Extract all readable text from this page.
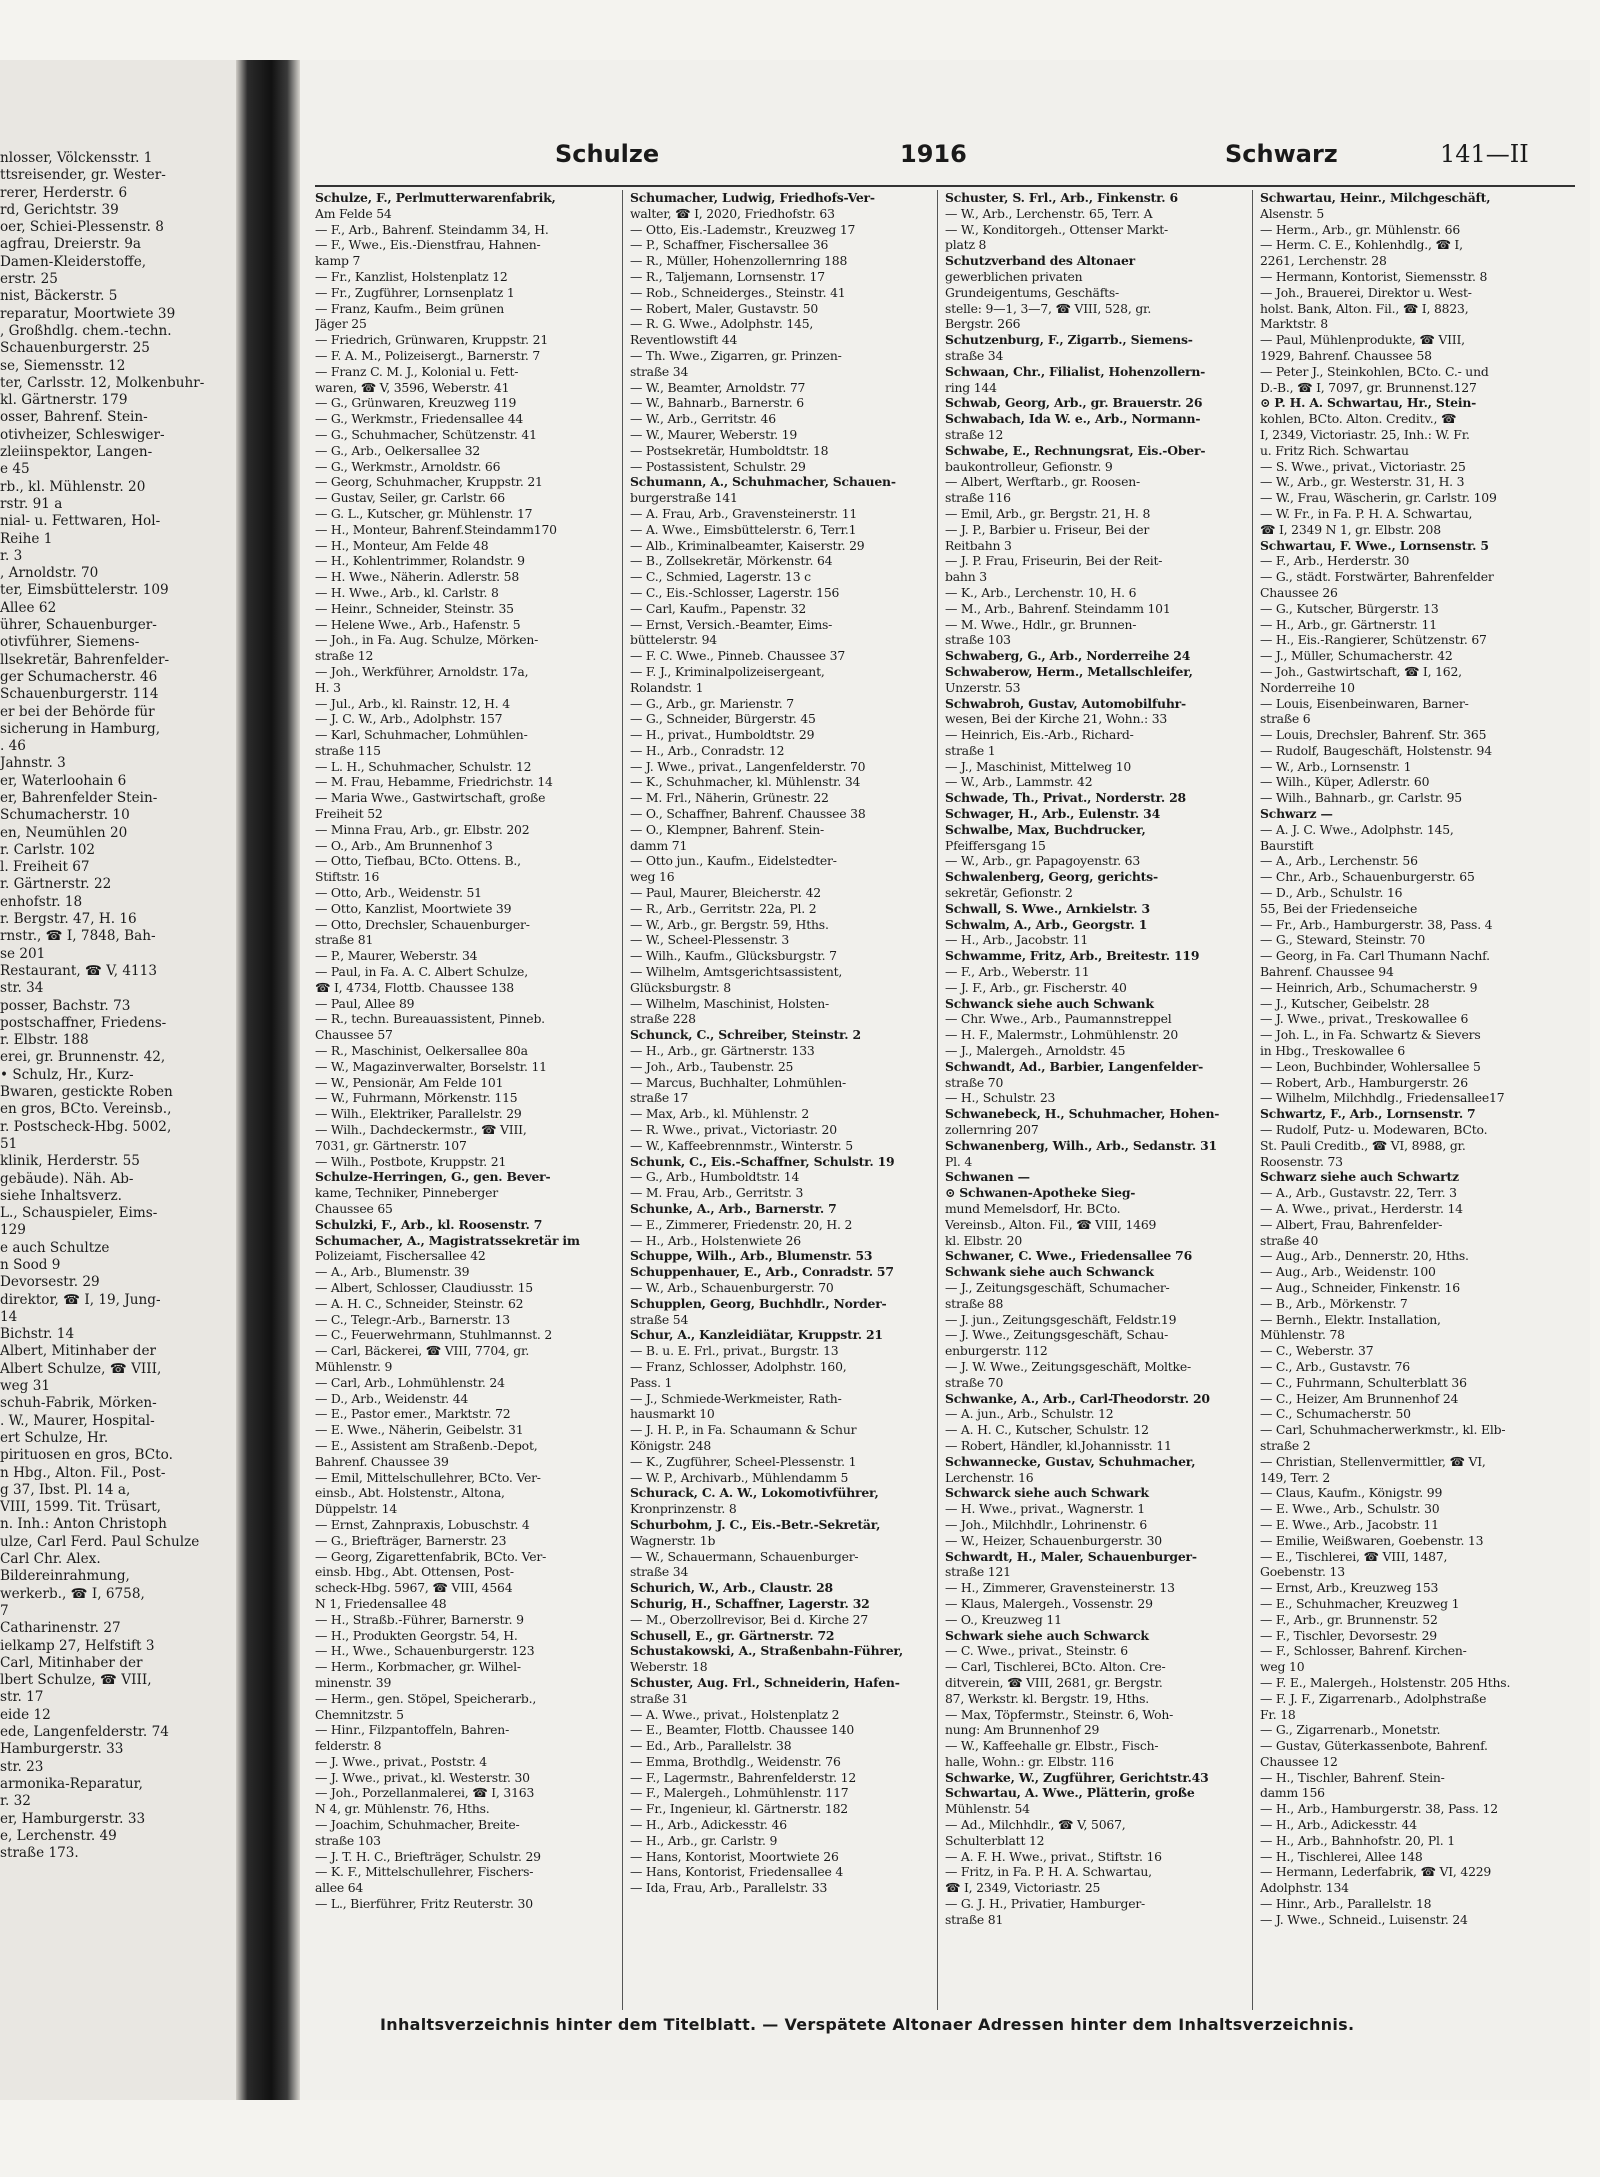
nlosser, Völckensstr. 1
ttsreisender, gr. Wester-
rerer, Herderstr. 6
rd, Gerichtstr. 39
oer, Schiei-Plessenstr. 8
agfrau, Dreierstr. 9a
Damen-Kleiderstoffe,
erstr. 25
nist, Bäckerstr. 5
reparatur, Moortwiete 39
, Großhdlg. chem.-techn.
Schauenburgerstr. 25
se, Siemensstr. 12
ter, Carlsstr. 12, Molkenbuhr-
kl. Gärtnerstr. 179
osser, Bahrenf. Stein-
otivheizer, Schleswiger-
zleiinspektor, Langen-
e 45
rb., kl. Mühlenstr. 20
rstr. 91 a
nial- u. Fettwaren, Hol-
Reihe 1
r. 3
, Arnoldstr. 70
ter, Eimsbüttelerstr. 109
Allee 62
ührer, Schauenburger-
otivführer, Siemens-
llsekretär, Bahrenfelder-
ger Schumacherstr. 46
Schauenburgerstr. 114
er bei der Behörde für
sicherung in Hamburg,
. 46
Jahnstr. 3
er, Waterloohain 6
er, Bahrenfelder Stein-
Schumacherstr. 10
en, Neumühlen 20
r. Carlstr. 102
l. Freiheit 67
r. Gärtnerstr. 22
enhofstr. 18
r. Bergstr. 47, H. 16
rnstr., ☎ I, 7848, Bah-
se 201
Restaurant, ☎ V, 4113
str. 34
posser, Bachstr. 73
postschaffner, Friedens-
r. Elbstr. 188
erei, gr. Brunnenstr. 42,
• Schulz, Hr., Kurz-
Bwaren, gestickte Roben
en gros, BCto. Vereinsb.,
r. Postscheck-Hbg. 5002,
51
klinik, Herderstr. 55
gebäude). Näh. Ab-
siehe Inhaltsverz.
L., Schauspieler, Eims-
129
e auch Schultze
n Sood 9
Devorsestr. 29
direktor, ☎ I, 19, Jung-
14
Bichstr. 14
Albert, Mitinhaber der
Albert Schulze, ☎ VIII,
weg 31
schuh-Fabrik, Mörken-
. W., Maurer, Hospital-
ert Schulze, Hr.
pirituosen en gros, BCto.
n Hbg., Alton. Fil., Post-
g 37, Ibst. Pl. 14 a,
VIII, 1599. Tit. Trüsart,
n. Inh.: Anton Christoph
ulze, Carl Ferd. Paul Schulze
Carl Chr. Alex.
Bildereinrahmung,
werkerb., ☎ I, 6758,
7
Catharinenstr. 27
ielkamp 27, Helfstift 3
Carl, Mitinhaber der
lbert Schulze, ☎ VIII,
str. 17
eide 12
ede, Langenfelderstr. 74
Hamburgerstr. 33
str. 23
armonika-Reparatur,
r. 32
er, Hamburgerstr. 33
e, Lerchenstr. 49
straße 173.
Schulze	1916	Schwarz	141—II
Schulze, F., Perlmutterwarenfabrik,
Am Felde 54
— F., Arb., Bahrenf. Steindamm 34, H.
— F., Wwe., Eis.-Dienstfrau, Hahnen-
kamp 7
— Fr., Kanzlist, Holstenplatz 12
— Fr., Zugführer, Lornsenplatz 1
— Franz, Kaufm., Beim grünen
Jäger 25
— Friedrich, Grünwaren, Kruppstr. 21
— F. A. M., Polizeisergt., Barnerstr. 7
— Franz C. M. J., Kolonial u. Fett-
waren, ☎ V, 3596, Weberstr. 41
— G., Grünwaren, Kreuzweg 119
— G., Werkmstr., Friedensallee 44
— G., Schuhmacher, Schützenstr. 41
— G., Arb., Oelkersallee 32
— G., Werkmstr., Arnoldstr. 66
— Georg, Schuhmacher, Kruppstr. 21
— Gustav, Seiler, gr. Carlstr. 66
— G. L., Kutscher, gr. Mühlenstr. 17
— H., Monteur, Bahrenf.Steindamm170
— H., Monteur, Am Felde 48
— H., Kohlentrimmer, Rolandstr. 9
— H. Wwe., Näherin. Adlerstr. 58
— H. Wwe., Arb., kl. Carlstr. 8
— Heinr., Schneider, Steinstr. 35
— Helene Wwe., Arb., Hafenstr. 5
— Joh., in Fa. Aug. Schulze, Mörken-
straße 12
— Joh., Werkführer, Arnoldstr. 17a,
H. 3
— Jul., Arb., kl. Rainstr. 12, H. 4
— J. C. W., Arb., Adolphstr. 157
— Karl, Schuhmacher, Lohmühlen-
straße 115
— L. H., Schuhmacher, Schulstr. 12
— M. Frau, Hebamme, Friedrichstr. 14
— Maria Wwe., Gastwirtschaft, große
Freiheit 52
— Minna Frau, Arb., gr. Elbstr. 202
— O., Arb., Am Brunnenhof 3
— Otto, Tiefbau, BCto. Ottens. B.,
Stiftstr. 16
— Otto, Arb., Weidenstr. 51
— Otto, Kanzlist, Moortwiete 39
— Otto, Drechsler, Schauenburger-
straße 81
— P., Maurer, Weberstr. 34
— Paul, in Fa. A. C. Albert Schulze,
☎ I, 4734, Flottb. Chaussee 138
— Paul, Allee 89
— R., techn. Bureauassistent, Pinneb.
Chaussee 57
— R., Maschinist, Oelkersallee 80a
— W., Magazinverwalter, Borselstr. 11
— W., Pensionär, Am Felde 101
— W., Fuhrmann, Mörkenstr. 115
— Wilh., Elektriker, Parallelstr. 29
— Wilh., Dachdeckermstr., ☎ VIII,
7031, gr. Gärtnerstr. 107
— Wilh., Postbote, Kruppstr. 21
Schulze-Herringen, G., gen. Bever-
kame, Techniker, Pinneberger
Chaussee 65
Schulzki, F., Arb., kl. Roosenstr. 7
Schumacher, A., Magistratssekretär im
Polizeiamt, Fischersallee 42
— A., Arb., Blumenstr. 39
— Albert, Schlosser, Claudiusstr. 15
— A. H. C., Schneider, Steinstr. 62
— C., Telegr.-Arb., Barnerstr. 13
— C., Feuerwehrmann, Stuhlmannst. 2
— Carl, Bäckerei, ☎ VIII, 7704, gr.
Mühlenstr. 9
— Carl, Arb., Lohmühlenstr. 24
— D., Arb., Weidenstr. 44
— E., Pastor emer., Marktstr. 72
— E. Wwe., Näherin, Geibelstr. 31
— E., Assistent am Straßenb.-Depot,
Bahrenf. Chaussee 39
— Emil, Mittelschullehrer, BCto. Ver-
einsb., Abt. Holstenstr., Altona,
Düppelstr. 14
— Ernst, Zahnpraxis, Lobuschstr. 4
— G., Briefträger, Barnerstr. 23
— Georg, Zigarettenfabrik, BCto. Ver-
einsb. Hbg., Abt. Ottensen, Post-
scheck-Hbg. 5967, ☎ VIII, 4564
N 1, Friedensallee 48
— H., Straßb.-Führer, Barnerstr. 9
— H., Produkten Georgstr. 54, H.
— H., Wwe., Schauenburgerstr. 123
— Herm., Korbmacher, gr. Wilhel-
minenstr. 39
— Herm., gen. Stöpel, Speicherarb.,
Chemnitzstr. 5
— Hinr., Filzpantoffeln, Bahren-
felderstr. 8
— J. Wwe., privat., Poststr. 4
— J. Wwe., privat., kl. Westerstr. 30
— Joh., Porzellanmalerei, ☎ I, 3163
N 4, gr. Mühlenstr. 76, Hths.
— Joachim, Schuhmacher, Breite-
straße 103
— J. T. H. C., Briefträger, Schulstr. 29
— K. F., Mittelschullehrer, Fischers-
allee 64
— L., Bierführer, Fritz Reuterstr. 30
Schumacher, Ludwig, Friedhofs-Ver-
walter, ☎ I, 2020, Friedhofstr. 63
— Otto, Eis.-Lademstr., Kreuzweg 17
— P., Schaffner, Fischersallee 36
— R., Müller, Hohenzollernring 188
— R., Taljemann, Lornsenstr. 17
— Rob., Schneiderges., Steinstr. 41
— Robert, Maler, Gustavstr. 50
— R. G. Wwe., Adolphstr. 145,
Reventlowstift 44
— Th. Wwe., Zigarren, gr. Prinzen-
straße 34
— W., Beamter, Arnoldstr. 77
— W., Bahnarb., Barnerstr. 6
— W., Arb., Gerritstr. 46
— W., Maurer, Weberstr. 19
— Postsekretär, Humboldtstr. 18
— Postassistent, Schulstr. 29
Schumann, A., Schuhmacher, Schauen-
burgerstraße 141
— A. Frau, Arb., Gravensteinerstr. 11
— A. Wwe., Eimsbüttelerstr. 6, Terr.1
— Alb., Kriminalbeamter, Kaiserstr. 29
— B., Zollsekretär, Mörkenstr. 64
— C., Schmied, Lagerstr. 13 c
— C., Eis.-Schlosser, Lagerstr. 156
— Carl, Kaufm., Papenstr. 32
— Ernst, Versich.-Beamter, Eims-
büttelerstr. 94
— F. C. Wwe., Pinneb. Chaussee 37
— F. J., Kriminalpolizeisergeant,
Rolandstr. 1
— G., Arb., gr. Marienstr. 7
— G., Schneider, Bürgerstr. 45
— H., privat., Humboldtstr. 29
— H., Arb., Conradstr. 12
— J. Wwe., privat., Langenfelderstr. 70
— K., Schuhmacher, kl. Mühlenstr. 34
— M. Frl., Näherin, Grünestr. 22
— O., Schaffner, Bahrenf. Chaussee 38
— O., Klempner, Bahrenf. Stein-
damm 71
— Otto jun., Kaufm., Eidelstedter-
weg 16
— Paul, Maurer, Bleicherstr. 42
— R., Arb., Gerritstr. 22a, Pl. 2
— W., Arb., gr. Bergstr. 59, Hths.
— W., Scheel-Plessenstr. 3
— Wilh., Kaufm., Glücksburgstr. 7
— Wilhelm, Amtsgerichtsassistent,
Glücksburgstr. 8
— Wilhelm, Maschinist, Holsten-
straße 228
Schunck, C., Schreiber, Steinstr. 2
— H., Arb., gr. Gärtnerstr. 133
— Joh., Arb., Taubenstr. 25
— Marcus, Buchhalter, Lohmühlen-
straße 17
— Max, Arb., kl. Mühlenstr. 2
— R. Wwe., privat., Victoriastr. 20
— W., Kaffeebrennmstr., Winterstr. 5
Schunk, C., Eis.-Schaffner, Schulstr. 19
— G., Arb., Humboldtstr. 14
— M. Frau, Arb., Gerritstr. 3
Schunke, A., Arb., Barnerstr. 7
— E., Zimmerer, Friedenstr. 20, H. 2
— H., Arb., Holstenwiete 26
Schuppe, Wilh., Arb., Blumenstr. 53
Schuppenhauer, E., Arb., Conradstr. 57
— W., Arb., Schauenburgerstr. 70
Schupplen, Georg, Buchhdlr., Norder-
straße 54
Schur, A., Kanzleidiätar, Kruppstr. 21
— B. u. E. Frl., privat., Burgstr. 13
— Franz, Schlosser, Adolphstr. 160,
Pass. 1
— J., Schmiede-Werkmeister, Rath-
hausmarkt 10
— J. H. P., in Fa. Schaumann & Schur
Königstr. 248
— K., Zugführer, Scheel-Plessenstr. 1
— W. P., Archivarb., Mühlendamm 5
Schurack, C. A. W., Lokomotivführer,
Kronprinzenstr. 8
Schurbohm, J. C., Eis.-Betr.-Sekretär,
Wagnerstr. 1b
— W., Schauermann, Schauenburger-
straße 34
Schurich, W., Arb., Claustr. 28
Schurig, H., Schaffner, Lagerstr. 32
— M., Oberzollrevisor, Bei d. Kirche 27
Schusell, E., gr. Gärtnerstr. 72
Schustakowski, A., Straßenbahn-Führer,
Weberstr. 18
Schuster, Aug. Frl., Schneiderin, Hafen-
straße 31
— A. Wwe., privat., Holstenplatz 2
— E., Beamter, Flottb. Chaussee 140
— Ed., Arb., Parallelstr. 38
— Emma, Brothdlg., Weidenstr. 76
— F., Lagermstr., Bahrenfelderstr. 12
— F., Malergeh., Lohmühlenstr. 117
— Fr., Ingenieur, kl. Gärtnerstr. 182
— H., Arb., Adickesstr. 46
— H., Arb., gr. Carlstr. 9
— Hans, Kontorist, Moortwiete 26
— Hans, Kontorist, Friedensallee 4
— Ida, Frau, Arb., Parallelstr. 33
Schuster, S. Frl., Arb., Finkenstr. 6
— W., Arb., Lerchenstr. 65, Terr. A
— W., Konditorgeh., Ottenser Markt-
platz 8
Schutzverband des Altonaer
gewerblichen privaten
Grundeigentums, Geschäfts-
stelle: 9—1, 3—7, ☎ VIII, 528, gr.
Bergstr. 266
Schutzenburg, F., Zigarrb., Siemens-
straße 34
Schwaan, Chr., Filialist, Hohenzollern-
ring 144
Schwab, Georg, Arb., gr. Brauerstr. 26
Schwabach, Ida W. e., Arb., Normann-
straße 12
Schwabe, E., Rechnungsrat, Eis.-Ober-
baukontrolleur, Gefionstr. 9
— Albert, Werftarb., gr. Roosen-
straße 116
— Emil, Arb., gr. Bergstr. 21, H. 8
— J. P., Barbier u. Friseur, Bei der
Reitbahn 3
— J. P. Frau, Friseurin, Bei der Reit-
bahn 3
— K., Arb., Lerchenstr. 10, H. 6
— M., Arb., Bahrenf. Steindamm 101
— M. Wwe., Hdlr., gr. Brunnen-
straße 103
Schwaberg, G., Arb., Norderreihe 24
Schwaberow, Herm., Metallschleifer,
Unzerstr. 53
Schwabroh, Gustav, Automobilfuhr-
wesen, Bei der Kirche 21, Wohn.: 33
— Heinrich, Eis.-Arb., Richard-
straße 1
— J., Maschinist, Mittelweg 10
— W., Arb., Lammstr. 42
Schwade, Th., Privat., Norderstr. 28
Schwager, H., Arb., Eulenstr. 34
Schwalbe, Max, Buchdrucker,
Pfeiffersgang 15
— W., Arb., gr. Papagoyenstr. 63
Schwalenberg, Georg, gerichts-
sekretär, Gefionstr. 2
Schwall, S. Wwe., Arnkielstr. 3
Schwalm, A., Arb., Georgstr. 1
— H., Arb., Jacobstr. 11
Schwamme, Fritz, Arb., Breitestr. 119
— F., Arb., Weberstr. 11
— J. F., Arb., gr. Fischerstr. 40
Schwanck siehe auch Schwank
— Chr. Wwe., Arb., Paumannstreppel
— H. F., Malermstr., Lohmühlenstr. 20
— J., Malergeh., Arnoldstr. 45
Schwandt, Ad., Barbier, Langenfelder-
straße 70
— H., Schulstr. 23
Schwanebeck, H., Schuhmacher, Hohen-
zollernring 207
Schwanenberg, Wilh., Arb., Sedanstr. 31
Pl. 4
Schwanen —
⊙ Schwanen-Apotheke Sieg-
mund Memelsdorf, Hr. BCto.
Vereinsb., Alton. Fil., ☎ VIII, 1469
kl. Elbstr. 20
Schwaner, C. Wwe., Friedensallee 76
Schwank siehe auch Schwanck
— J., Zeitungsgeschäft, Schumacher-
straße 88
— J. jun., Zeitungsgeschäft, Feldstr.19
— J. Wwe., Zeitungsgeschäft, Schau-
enburgerstr. 112
— J. W. Wwe., Zeitungsgeschäft, Moltke-
straße 70
Schwanke, A., Arb., Carl-Theodorstr. 20
— A. jun., Arb., Schulstr. 12
— A. H. C., Kutscher, Schulstr. 12
— Robert, Händler, kl.Johannisstr. 11
Schwannecke, Gustav, Schuhmacher,
Lerchenstr. 16
Schwarck siehe auch Schwark
— H. Wwe., privat., Wagnerstr. 1
— Joh., Milchhdlr., Lohrinenstr. 6
— W., Heizer, Schauenburgerstr. 30
Schwardt, H., Maler, Schauenburger-
straße 121
— H., Zimmerer, Gravensteinerstr. 13
— Klaus, Malergeh., Vossenstr. 29
— O., Kreuzweg 11
Schwark siehe auch Schwarck
— C. Wwe., privat., Steinstr. 6
— Carl, Tischlerei, BCto. Alton. Cre-
ditverein, ☎ VIII, 2681, gr. Bergstr.
87, Werkstr. kl. Bergstr. 19, Hths.
— Max, Töpfermstr., Steinstr. 6, Woh-
nung: Am Brunnenhof 29
— W., Kaffeehalle gr. Elbstr., Fisch-
halle, Wohn.: gr. Elbstr. 116
Schwarke, W., Zugführer, Gerichtstr.43
Schwartau, A. Wwe., Plätterin, große
Mühlenstr. 54
— Ad., Milchhdlr., ☎ V, 5067,
Schulterblatt 12
— A. F. H. Wwe., privat., Stiftstr. 16
— Fritz, in Fa. P. H. A. Schwartau,
☎ I, 2349, Victoriastr. 25
— G. J. H., Privatier, Hamburger-
straße 81
Schwartau, Heinr., Milchgeschäft,
Alsenstr. 5
— Herm., Arb., gr. Mühlenstr. 66
— Herm. C. E., Kohlenhdlg., ☎ I,
2261, Lerchenstr. 28
— Hermann, Kontorist, Siemensstr. 8
— Joh., Brauerei, Direktor u. West-
holst. Bank, Alton. Fil., ☎ I, 8823,
Marktstr. 8
— Paul, Mühlenprodukte, ☎ VIII,
1929, Bahrenf. Chaussee 58
— Peter J., Steinkohlen, BCto. C.- und
D.-B., ☎ I, 7097, gr. Brunnenst.127
⊙ P. H. A. Schwartau, Hr., Stein-
kohlen, BCto. Alton. Creditv., ☎
I, 2349, Victoriastr. 25, Inh.: W. Fr.
u. Fritz Rich. Schwartau
— S. Wwe., privat., Victoriastr. 25
— W., Arb., gr. Westerstr. 31, H. 3
— W., Frau, Wäscherin, gr. Carlstr. 109
— W. Fr., in Fa. P. H. A. Schwartau,
☎ I, 2349 N 1, gr. Elbstr. 208
Schwartau, F. Wwe., Lornsenstr. 5
— F., Arb., Herderstr. 30
— G., städt. Forstwärter, Bahrenfelder
Chaussee 26
— G., Kutscher, Bürgerstr. 13
— H., Arb., gr. Gärtnerstr. 11
— H., Eis.-Rangierer, Schützenstr. 67
— J., Müller, Schumacherstr. 42
— Joh., Gastwirtschaft, ☎ I, 162,
Norderreihe 10
— Louis, Eisenbeinwaren, Barner-
straße 6
— Louis, Drechsler, Bahrenf. Str. 365
— Rudolf, Baugeschäft, Holstenstr. 94
— W., Arb., Lornsenstr. 1
— Wilh., Küper, Adlerstr. 60
— Wilh., Bahnarb., gr. Carlstr. 95
Schwarz —
— A. J. C. Wwe., Adolphstr. 145,
Baurstift
— A., Arb., Lerchenstr. 56
— Chr., Arb., Schauenburgerstr. 65
— D., Arb., Schulstr. 16
55, Bei der Friedenseiche
— Fr., Arb., Hamburgerstr. 38, Pass. 4
— G., Steward, Steinstr. 70
— Georg, in Fa. Carl Thumann Nachf.
Bahrenf. Chaussee 94
— Heinrich, Arb., Schumacherstr. 9
— J., Kutscher, Geibelstr. 28
— J. Wwe., privat., Treskowallee 6
— Joh. L., in Fa. Schwartz & Sievers
in Hbg., Treskowallee 6
— Leon, Buchbinder, Wohlersallee 5
— Robert, Arb., Hamburgerstr. 26
— Wilhelm, Milchhdlg., Friedensallee17
Schwartz, F., Arb., Lornsenstr. 7
— Rudolf, Putz- u. Modewaren, BCto.
St. Pauli Creditb., ☎ VI, 8988, gr.
Roosenstr. 73
Schwarz siehe auch Schwartz
— A., Arb., Gustavstr. 22, Terr. 3
— A. Wwe., privat., Herderstr. 14
— Albert, Frau, Bahrenfelder-
straße 40
— Aug., Arb., Dennerstr. 20, Hths.
— Aug., Arb., Weidenstr. 100
— Aug., Schneider, Finkenstr. 16
— B., Arb., Mörkenstr. 7
— Bernh., Elektr. Installation,
Mühlenstr. 78
— C., Weberstr. 37
— C., Arb., Gustavstr. 76
— C., Fuhrmann, Schulterblatt 36
— C., Heizer, Am Brunnenhof 24
— C., Schumacherstr. 50
— Carl, Schuhmacherwerkmstr., kl. Elb-
straße 2
— Christian, Stellenvermittler, ☎ VI,
149, Terr. 2
— Claus, Kaufm., Königstr. 99
— E. Wwe., Arb., Schulstr. 30
— E. Wwe., Arb., Jacobstr. 11
— Emilie, Weißwaren, Goebenstr. 13
— E., Tischlerei, ☎ VIII, 1487,
Goebenstr. 13
— Ernst, Arb., Kreuzweg 153
— E., Schuhmacher, Kreuzweg 1
— F., Arb., gr. Brunnenstr. 52
— F., Tischler, Devorsestr. 29
— F., Schlosser, Bahrenf. Kirchen-
weg 10
— F. E., Malergeh., Holstenstr. 205 Hths.
— F. J. F., Zigarrenarb., Adolphstraße
Fr. 18
— G., Zigarrenarb., Monetstr.
— Gustav, Güterkassenbote, Bahrenf.
Chaussee 12
— H., Tischler, Bahrenf. Stein-
damm 156
— H., Arb., Hamburgerstr. 38, Pass. 12
— H., Arb., Adickesstr. 44
— H., Arb., Bahnhofstr. 20, Pl. 1
— H., Tischlerei, Allee 148
— Hermann, Lederfabrik, ☎ VI, 4229
Adolphstr. 134
— Hinr., Arb., Parallelstr. 18
— J. Wwe., Schneid., Luisenstr. 24
Inhaltsverzeichnis hinter dem Titelblatt. — Verspätete Altonaer Adressen hinter dem Inhaltsverzeichnis.
